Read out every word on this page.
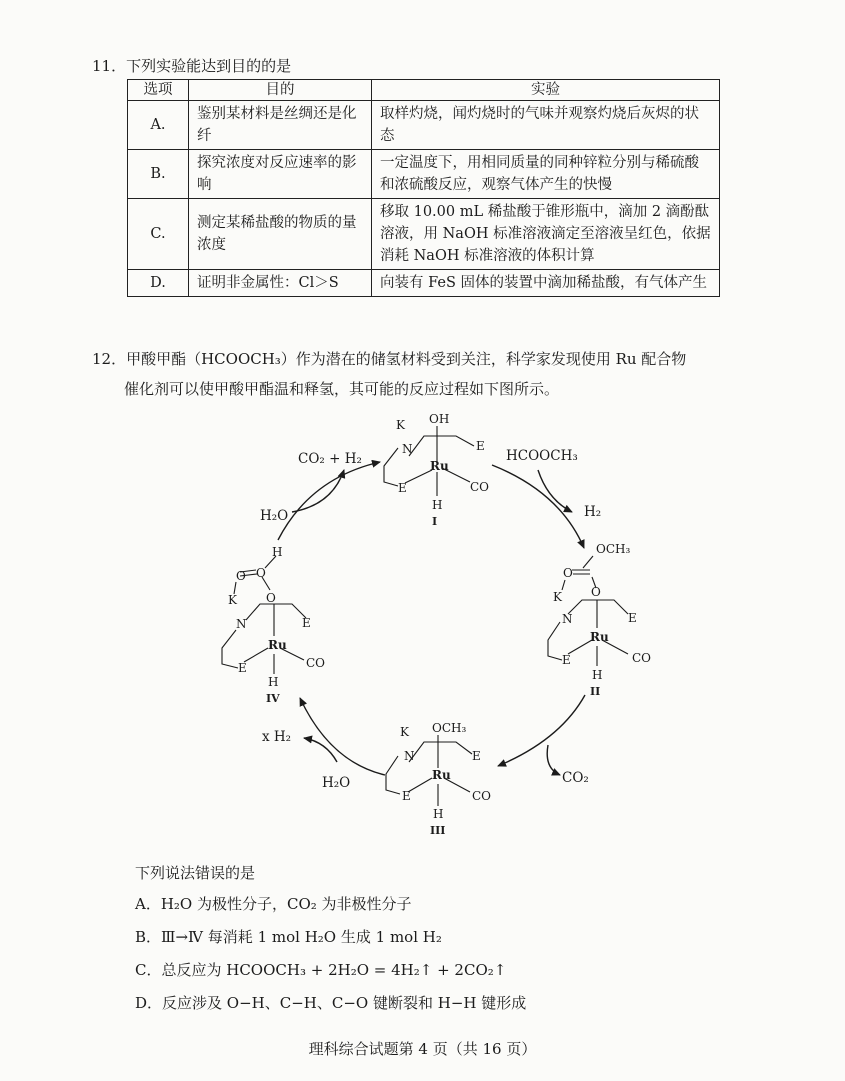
11．下列实验能达到目的的是
选项	目的	实验
A.	鉴别某材料是丝绸还是化纤	取样灼烧，闻灼烧时的气味并观察灼烧后灰烬的状态
B.	探究浓度对反应速率的影响	一定温度下，用相同质量的同种锌粒分别与稀硫酸和浓硫酸反应，观察气体产生的快慢
C.	测定某稀盐酸的物质的量浓度	移取 10.00 mL 稀盐酸于锥形瓶中，滴加 2 滴酚酞溶液，用 NaOH 标准溶液滴定至溶液呈红色，依据消耗 NaOH 标准溶液的体积计算
D.	证明非金属性：Cl＞S	向装有 FeS 固体的装置中滴加稀盐酸，有气体产生
12．甲酸甲酯（HCOOCH₃）作为潜在的储氢材料受到关注，科学家发现使用 Ru 配合物
催化剂可以使甲酸甲酯温和释氢，其可能的反应过程如下图所示。
HCOOCH₃
H₂
CO₂
H₂O
x H₂
H₂O
CO₂ + H₂
K
N
OH
Ru
E
E	CO
H
I
OCH₃
O
O
K
N
Ru
E
E	CO
H
II
K
N
OCH₃
Ru
E
E	CO
H
III
H
O
O
O
K
N
Ru
E
E	CO
H
IV
下列说法错误的是
A．H₂O 为极性分子，CO₂ 为非极性分子
B．Ⅲ→Ⅳ 每消耗 1 mol H₂O 生成 1 mol H₂
C．总反应为 HCOOCH₃ + 2H₂O = 4H₂↑ + 2CO₂↑
D．反应涉及 O−H、C−H、C−O 键断裂和 H−H 键形成
理科综合试题第 4 页（共 16 页）
